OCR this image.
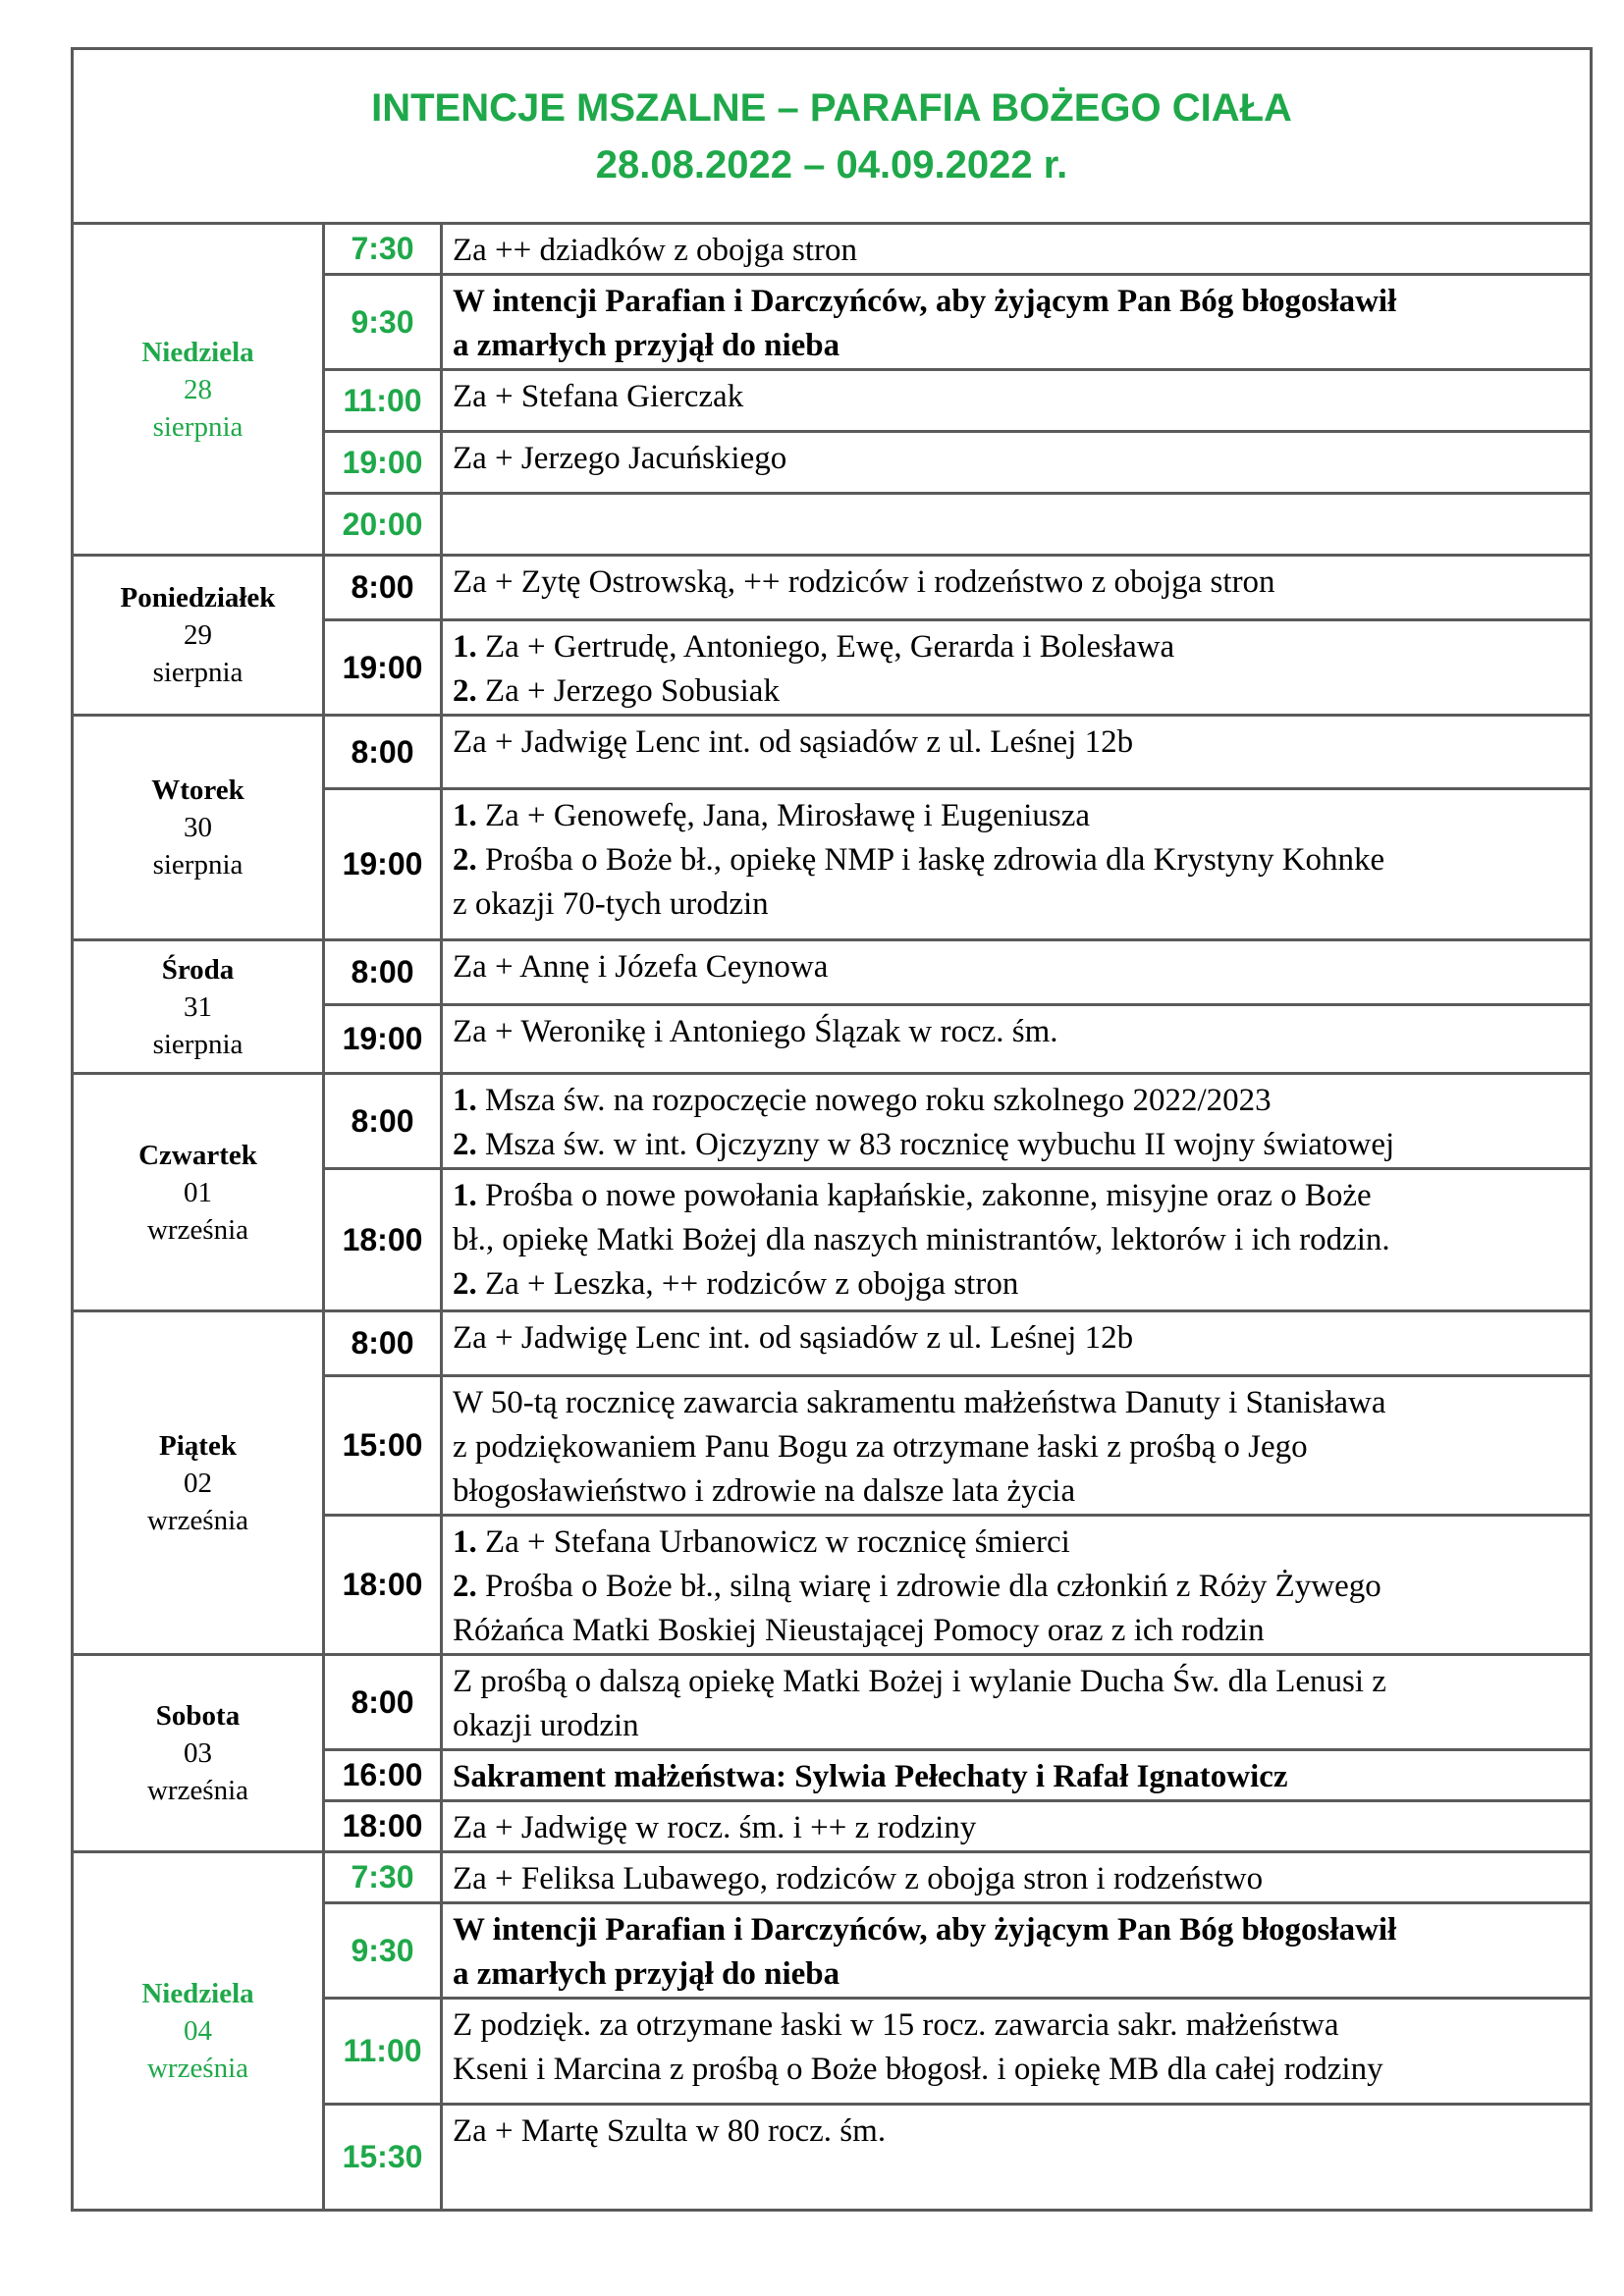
INTENCJE MSZALNE – PARAFIA BOŻEGO CIAŁA
28.08.2022 – 04.09.2022 r.		

Niedziela
28
sierpnia	7:30	Za ++ dziadków z obojga stron

	9:30	W intencji Parafian i Darczyńców, aby żyjącym Pan Bóg błogosławił
a zmarłych przyjął do nieba

	11:00	Za + Stefana Gierczak

	19:00	Za + Jerzego Jacuńskiego

	20:00	

Poniedziałek
29
sierpnia	8:00	Za + Zytę Ostrowską, ++ rodziców i rodzeństwo z obojga stron

	19:00	1. Za + Gertrudę, Antoniego, Ewę, Gerarda i Bolesława
2. Za + Jerzego Sobusiak

Wtorek
30
sierpnia	8:00	Za + Jadwigę Lenc int. od sąsiadów z ul. Leśnej 12b

	19:00	1. Za + Genowefę, Jana, Mirosławę i Eugeniusza
2. Prośba o Boże bł., opiekę NMP i łaskę zdrowia dla Krystyny Kohnke
z okazji 70-tych urodzin

Środa
31
sierpnia	8:00	Za + Annę i Józefa Ceynowa

	19:00	Za + Weronikę i Antoniego Ślązak w rocz. śm.

Czwartek
01
września	8:00	1. Msza św. na rozpoczęcie nowego roku szkolnego 2022/2023
2. Msza św. w int. Ojczyzny w 83 rocznicę wybuchu II wojny światowej

	18:00	1. Prośba o nowe powołania kapłańskie, zakonne, misyjne oraz o Boże
bł., opiekę Matki Bożej dla naszych ministrantów, lektorów i ich rodzin.
2. Za + Leszka, ++ rodziców z obojga stron

Piątek
02
września	8:00	Za + Jadwigę Lenc int. od sąsiadów z ul. Leśnej 12b

	15:00	W 50-tą rocznicę zawarcia sakramentu małżeństwa Danuty i Stanisława
z podziękowaniem Panu Bogu za otrzymane łaski z prośbą o Jego
błogosławieństwo i zdrowie na dalsze lata życia

	18:00	1. Za + Stefana Urbanowicz w rocznicę śmierci
2. Prośba o Boże bł., silną wiarę i zdrowie dla członkiń z Róży Żywego
Różańca Matki Boskiej Nieustającej Pomocy oraz z ich rodzin

Sobota
03
września	8:00	Z prośbą o dalszą opiekę Matki Bożej i wylanie Ducha Św. dla Lenusi z
okazji urodzin

	16:00	Sakrament małżeństwa: Sylwia Pełechaty i Rafał Ignatowicz

	18:00	Za + Jadwigę w rocz. śm. i ++ z rodziny

Niedziela
04
września	7:30	Za + Feliksa Lubawego, rodziców z obojga stron i rodzeństwo

	9:30	W intencji Parafian i Darczyńców, aby żyjącym Pan Bóg błogosławił
a zmarłych przyjął do nieba

	11:00	Z podzięk. za otrzymane łaski w 15 rocz. zawarcia sakr. małżeństwa
Kseni i Marcina z prośbą o Boże błogosł. i opiekę MB dla całej rodziny

	15:30	Za + Martę Szulta w 80 rocz. śm.
